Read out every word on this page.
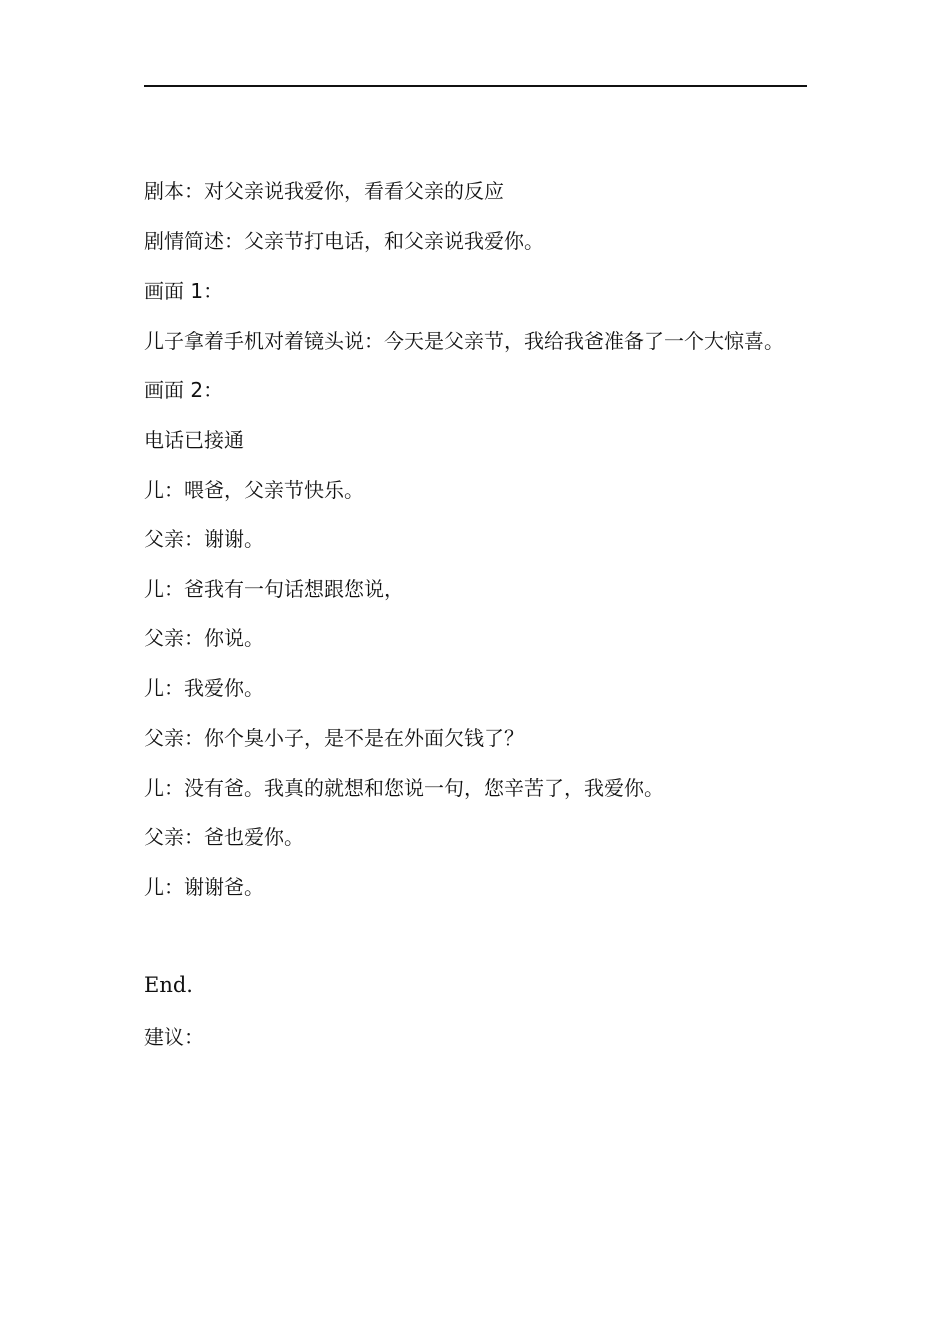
剧本：对父亲说我爱你，看看父亲的反应
剧情简述：父亲节打电话，和父亲说我爱你。
画面 1：
儿子拿着手机对着镜头说：今天是父亲节，我给我爸准备了一个大惊喜。
画面 2：
电话已接通
儿：喂爸，父亲节快乐。
父亲：谢谢。
儿：爸我有一句话想跟您说，
父亲：你说。
儿：我爱你。
父亲：你个臭小子，是不是在外面欠钱了？
儿：没有爸。我真的就想和您说一句，您辛苦了，我爱你。
父亲：爸也爱你。
儿：谢谢爸。
End.
建议：
